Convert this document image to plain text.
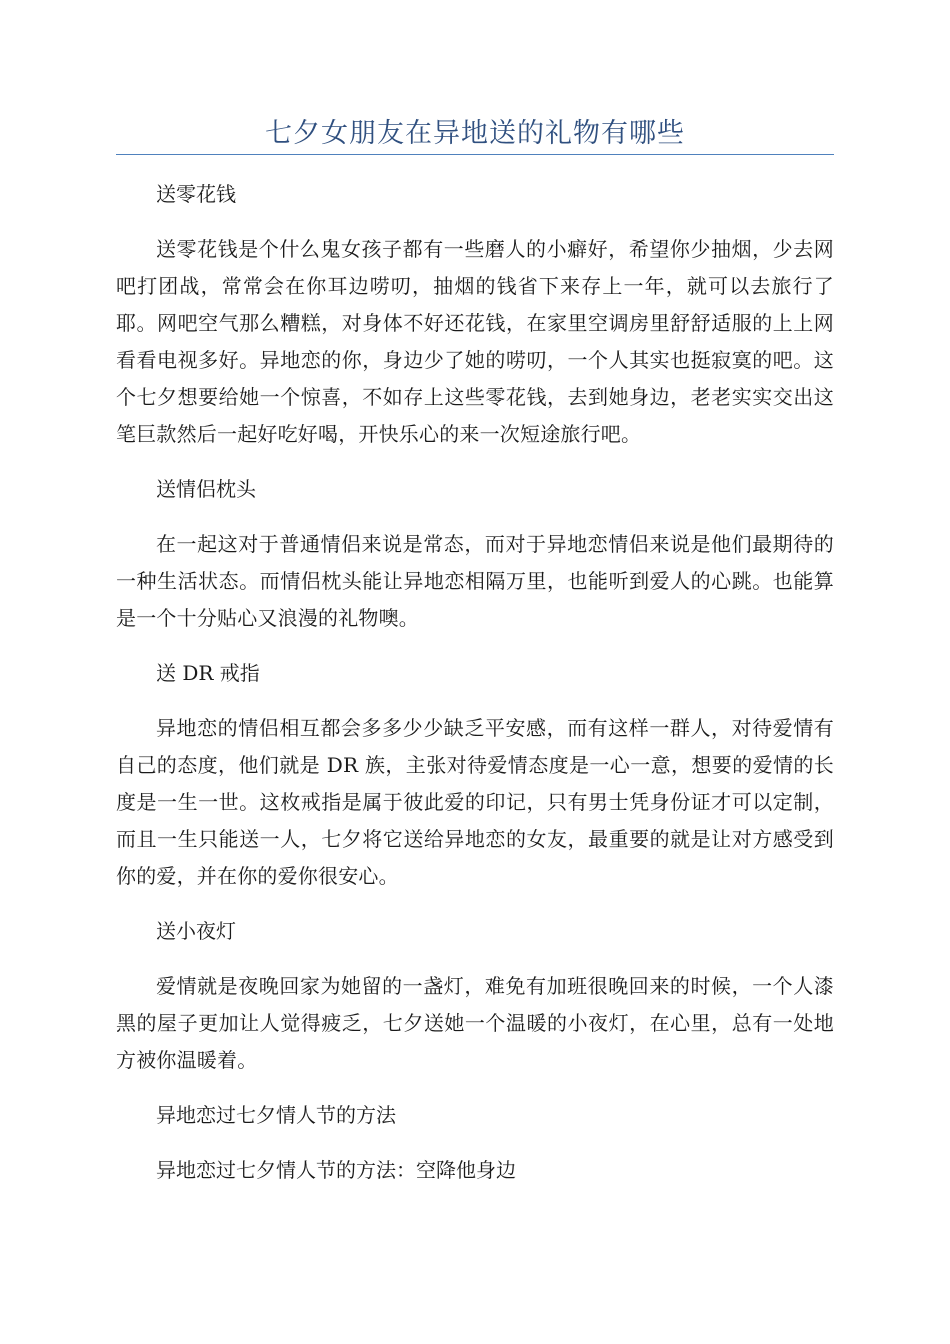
七夕女朋友在异地送的礼物有哪些

送零花钱

送零花钱是个什么鬼女孩子都有一些磨人的小癖好，希望你少抽烟，少去网吧打团战，常常会在你耳边唠叨，抽烟的钱省下来存上一年，就可以去旅行了耶。网吧空气那么糟糕，对身体不好还花钱，在家里空调房里舒舒适服的上上网看看电视多好。异地恋的你，身边少了她的唠叨，一个人其实也挺寂寞的吧。这个七夕想要给她一个惊喜，不如存上这些零花钱，去到她身边，老老实实交出这笔巨款然后一起好吃好喝，开快乐心的来一次短途旅行吧。

送情侣枕头

在一起这对于普通情侣来说是常态，而对于异地恋情侣来说是他们最期待的一种生活状态。而情侣枕头能让异地恋相隔万里，也能听到爱人的心跳。也能算是一个十分贴心又浪漫的礼物噢。

送 DR 戒指

异地恋的情侣相互都会多多少少缺乏平安感，而有这样一群人，对待爱情有自己的态度，他们就是 DR 族，主张对待爱情态度是一心一意，想要的爱情的长度是一生一世。这枚戒指是属于彼此爱的印记，只有男士凭身份证才可以定制，而且一生只能送一人，七夕将它送给异地恋的女友，最重要的就是让对方感受到你的爱，并在你的爱你很安心。

送小夜灯

爱情就是夜晚回家为她留的一盏灯，难免有加班很晚回来的时候，一个人漆黑的屋子更加让人觉得疲乏，七夕送她一个温暖的小夜灯，在心里，总有一处地方被你温暖着。

异地恋过七夕情人节的方法

异地恋过七夕情人节的方法：空降他身边
